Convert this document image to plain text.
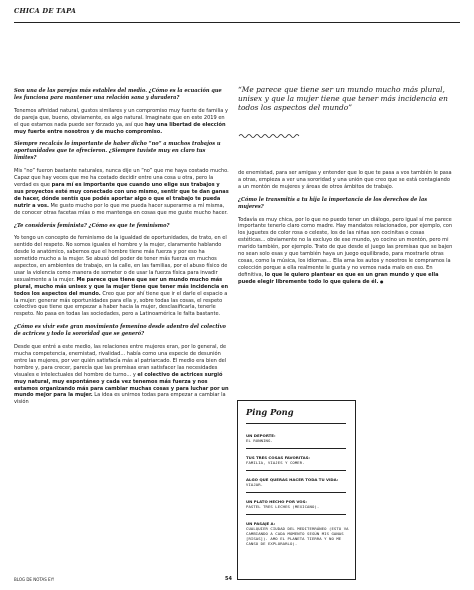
CHICA DE TAPA

Son una de las parejas más estables del medio. ¿Cómo es la ecuación que les funciona para mantener una relación sana y duradera?

Tenemos afinidad natural, gustos similares y un compromiso muy fuerte de familia y de pareja que, bueno, obviamente, es algo natural. Imaginate que en este 2019 en el que estamos nada puede ser forzado ya, así que hay una libertad de elección muy fuerte entre nosotros y de mucho compromiso.

Siempre recalcás lo importante de haber dicho “no” a muchos trabajos u oportunidades que te ofrecieron. ¿Siempre tuviste muy en claro tus límites?

Mis “no” fueron bastante naturales, nunca dije un “no” que me haya costado mucho. Capaz que hay veces que me ha costado decidir entre una cosa u otra, pero la verdad es que para mí es importante que cuando uno elige sus trabajos y sus proyectos esté muy conectado con uno mismo, sentir que te dan ganas de hacer, dónde sentís que podés aportar algo o que el trabajo te pueda nutrir a vos. Me gusto mucho por lo que me pueda hacer superarme a mí misma, de conocer otras facetas mías o me mantenga en cosas que me guste mucho hacer.

¿Te considerás feminista? ¿Cómo es que te feminismo?

Yo tengo un concepto de feminismo de la igualdad de oportunidades, de trato, en el sentido del respeto. No somos iguales el hombre y la mujer, claramente hablando desde lo anatómico, sabemos que el hombre tiene más fuerza y por eso ha sometido mucho a la mujer. Se abusó del poder de tener más fuerza en muchos aspectos, en ambientes de trabajo, en la calle, en las familias, por el abuso físico de usar la violencia como manera de someter o de usar la fuerza física para invadir sexualmente a la mujer. Me parece que tiene que ser un mundo mucho más plural, mucho más unisex y que la mujer tiene que tener más incidencia en todos los aspectos del mundo. Creo que por ahí tiene que ir el darle el espacio a la mujer: generar más oportunidades para ella y, sobre todas las cosas, el respeto colectivo que tiene que empezar a haber hacia la mujer, desclasificarla, tenerle respeto. No pasa en todas las sociedades, pero a Latinoamérica le falta bastante.

¿Cómo es vivir este gran movimiento femenino desde adentro del colectivo de actrices y todo la sororidad que se generó?

Desde que entré a este medio, las relaciones entre mujeres eran, por lo general, de mucha competencia, enemistad, rivalidad... había como una especie de desunión entre las mujeres, por ver quién satisfacía más al patriarcado. El medio era bien del hombre y, para crecer, parecía que las premisas eran satisfacer las necesidades visuales e intelectuales del hombre de turno... y el colectivo de actrices surgió muy natural, muy espontáneo y cada vez tenemos más fuerza y nos estamos organizando más para cambiar muchas cosas y para luchar por un mundo mejor para la mujer. La idea es unirnos todas para empezar a cambiar la visión

“Me parece que tiene ser un mundo mucho más plural, unisex y que la mujer tiene que tener más incidencia en todos los aspectos del mundo”

de enemistad, para ser amigas y entender que lo que te pasa a vos también le pasa a otras, empieza a ver una sororidad y una unión que creo que se está contagiando a un montón de mujeres y áreas de otros ámbitos de trabajo.

¿Cómo le transmitís a tu hija la importancia de los derechos de las mujeres?

Todavía es muy chica, por lo que no puedo tener un diálogo, pero igual sí me parece importante tenerlo claro como madre. Hay mandatos relacionados, por ejemplo, con los juguetes de color rosa o celeste, los de las niñas son cocinitas o cosas estéticas... obviamente no la excluyo de ese mundo, yo cocino un montón, pero mi marido también, por ejemplo. Trato de que desde el juego las premisas que se bajen no sean solo esas y que también haya un juego equilibrado, para mostrarle otras cosas, como la música, los idiomas... Ella ama los autos y nosotros le compramos la colección porque a ella realmente le gusta y no vemos nada malo en eso. En definitiva, lo que le quiero plantear es que es un gran mundo y que ella puede elegir libremente todo lo que quiera de él. ●

Ping Pong
UN DEPORTE:
EL RUNNING.
TUS TRES COSAS FAVORITAS:
FAMILIA, VIAJES Y COMER.
ALGO QUE QUERAS HACER TODA TU VIDA:
VIAJAR.
UN PLATO HECHO POR VOS:
PASTEL TRES LECHES (MEXICANO).
UN PASAJE A:
CUALQUIER CIUDAD DEL MEDITERRÁNEO (ESTO VA CAMBIANDO A CADA MOMENTO SEGÚN MIS GANAS [RISAS]). AMO EL PLANETA TIERRA Y NO ME CANSO DE EXPLORARLO).
BLOG DE NOTAS EY!	54
